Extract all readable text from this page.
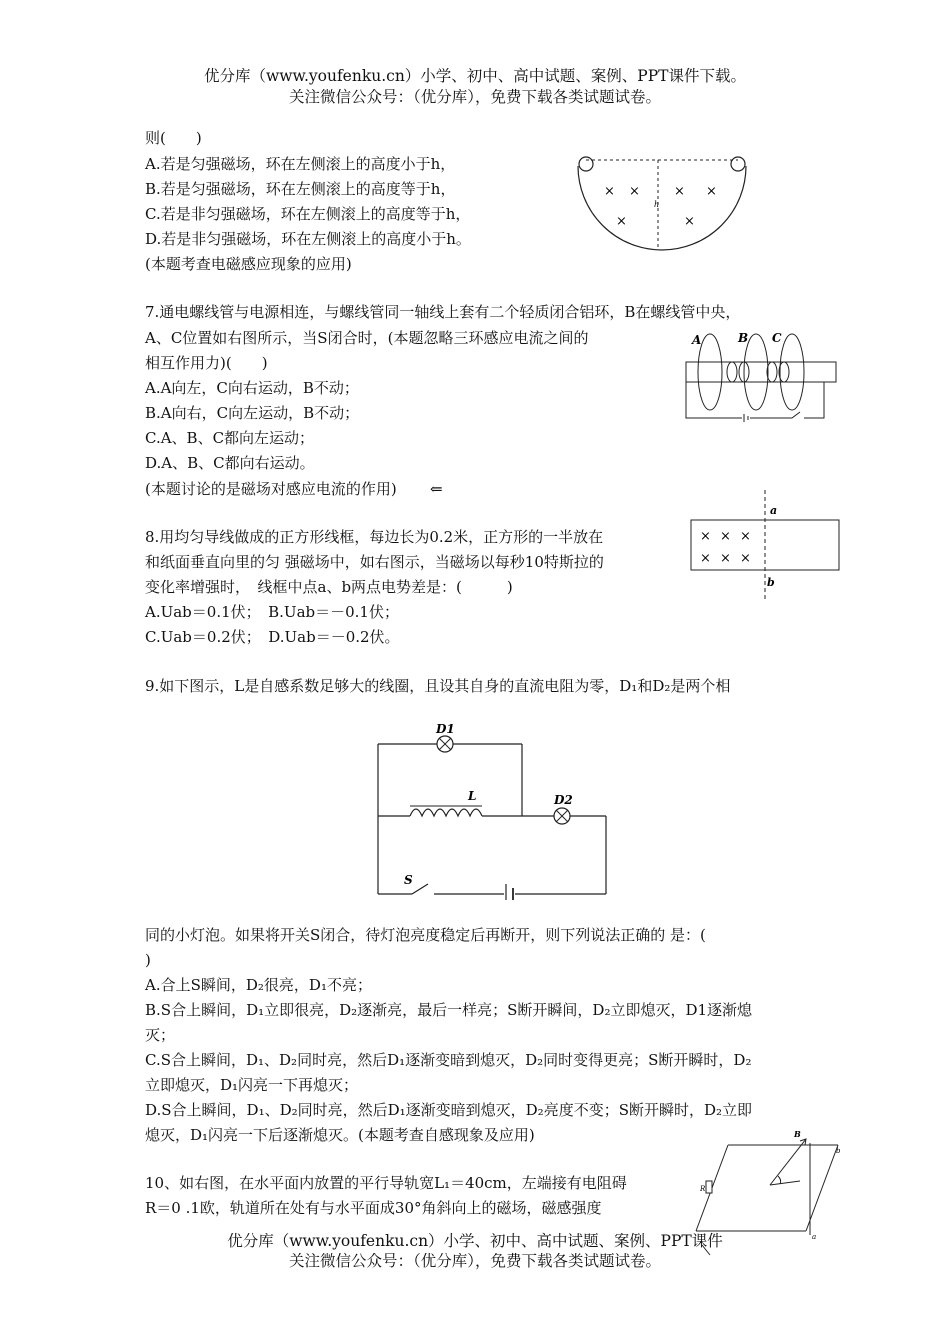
优分库（www.youfenku.cn）小学、初中、高中试题、案例、PPT课件下载。
关注微信公众号：（优分库），免费下载各类试题试卷。
则(　　)
A.若是匀强磁场，环在左侧滚上的高度小于h，
B.若是匀强磁场，环在左侧滚上的高度等于h，
C.若是非匀强磁场，环在左侧滚上的高度等于h，
D.若是非匀强磁场，环在左侧滚上的高度小于h。
(本题考查电磁感应现象的应用)
× ×	× ×
×	×
h
7.通电螺线管与电源相连，与螺线管同一轴线上套有二个轻质闭合铝环，B在螺线管中央，
A、C位置如右图所示，当S闭合时，(本题忽略三环感应电流之间的
相互作用力)(　　)
A.A向左，C向右运动，B不动；
B.A向右，C向左运动，B不动；
C.A、B、C都向左运动；
D.A、B、C都向右运动。
(本题讨论的是磁场对感应电流的作用) ⇐
A	B C
8.用均匀导线做成的正方形线框，每边长为0.2米，正方形的一半放在
和纸面垂直向里的匀 强磁场中，如右图示，当磁场以每秒10特斯拉的
变化率增强时，　线框中点a、b两点电势差是：(　　　)
A.Uab＝0.1伏；　B.Uab＝－0.1伏；
C.Uab＝0.2伏；　D.Uab＝－0.2伏。
× × ×
× × ×
a
b
9.如下图示，L是自感系数足够大的线圈，且设其自身的直流电阻为零，D₁和D₂是两个相
D1
D2
L
S
同的小灯泡。如果将开关S闭合，待灯泡亮度稳定后再断开，则下列说法正确的 是：(
)
A.合上S瞬间，D₂很亮，D₁不亮；
B.S合上瞬间，D₁立即很亮，D₂逐渐亮，最后一样亮；S断开瞬间，D₂立即熄灭，D1逐渐熄
灭；
C.S合上瞬间，D₁、D₂同时亮，然后D₁逐渐变暗到熄灭，D₂同时变得更亮；S断开瞬时，D₂
立即熄灭，D₁闪亮一下再熄灭；
D.S合上瞬间，D₁、D₂同时亮，然后D₁逐渐变暗到熄灭，D₂亮度不变；S断开瞬时，D₂立即
熄灭，D₁闪亮一下后逐渐熄灭。(本题考查自感现象及应用)
10、如右图，在水平面内放置的平行导轨宽L₁＝40cm，左端接有电阻碍
R＝0 .1欧，轨道所在处有与水平面成30°角斜向上的磁场，磁感强度
B
R
b
a
优分库（www.youfenku.cn）小学、初中、高中试题、案例、PPT课件
关注微信公众号：（优分库），免费下载各类试题试卷。
